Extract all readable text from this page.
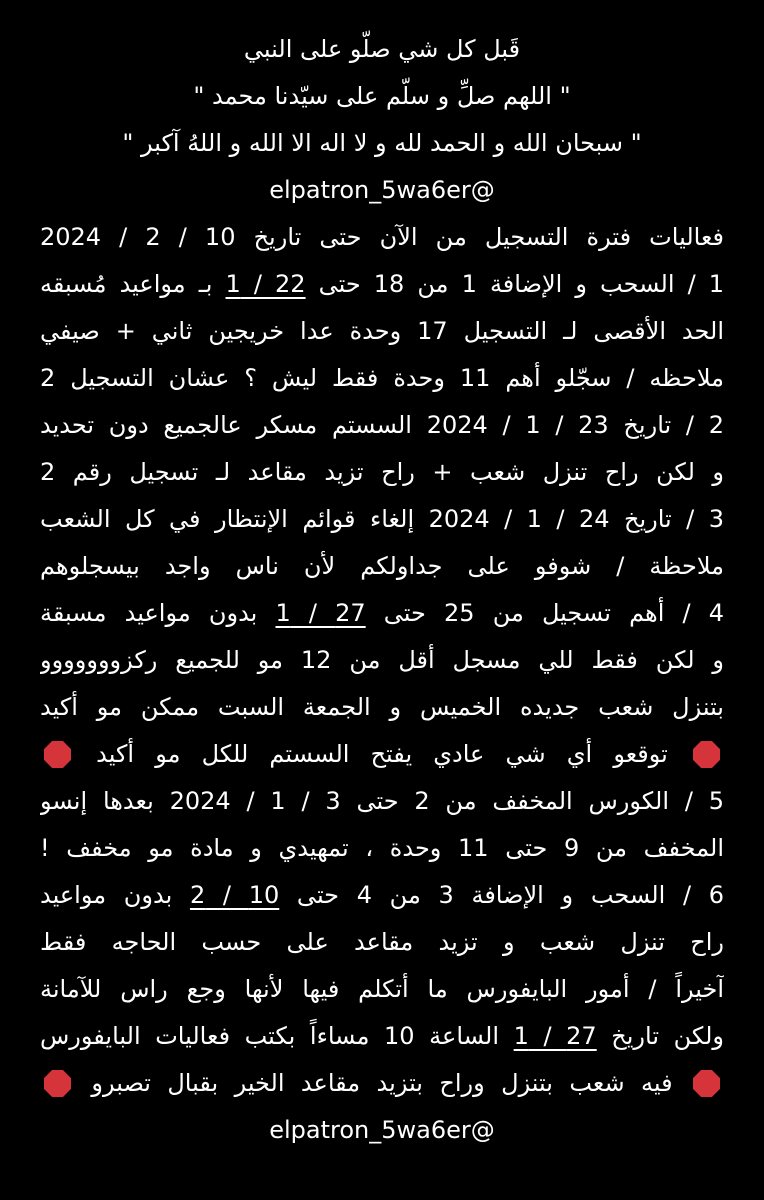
قَبل كل شي صلّو على النبي
" اللهم صلِّ و سلّم على سيّدنا محمد "
" سبحان الله و الحمد لله و لا اله الا الله و اللهُ آكبر "
@elpatron_5wa6er
فعاليات فترة التسجيل من الآن حتى تاريخ 10 / 2 / 2024
1 / السحب و الإضافة 1 من 18 حتى 22 / 1 بـ مواعيد مُسبقه
الحد الأقصى لـ التسجيل 17 وحدة عدا خريجين ثاني + صيفي
ملاحظه / سجّلو أهم 11 وحدة فقط ليش ؟ عشان التسجيل 2
2 / تاريخ 23 / 1 / 2024 السستم مسكر عالجميع دون تحديد
و لكن راح تنزل شعب + راح تزيد مقاعد لـ تسجيل رقم 2
3 / تاريخ 24 / 1 / 2024 إلغاء قوائم الإنتظار في كل الشعب
ملاحظة / شوفو على جداولكم لأن ناس واجد بيسجلوهم
4 / أهم تسجيل من 25 حتى 27 / 1 بدون مواعيد مسبقة
و لكن فقط للي مسجل أقل من 12 مو للجميع ركزووووووو
بتنزل شعب جديده الخميس و الجمعة السبت ممكن مو أكيد
توقعو أي شي عادي يفتح السستم للكل مو أكيد
5 / الكورس المخفف من 2 حتى 3 / 1 / 2024 بعدها إنسو
المخفف من 9 حتى 11 وحدة ، تمهيدي و مادة مو مخفف !
6 / السحب و الإضافة 3 من 4 حتى 10 / 2 بدون مواعيد
راح تنزل شعب و تزيد مقاعد على حسب الحاجه فقط
آخيراً / أمور البايفورس ما أتكلم فيها لأنها وجع راس للآمانة
ولكن تاريخ 27 / 1 الساعة 10 مساءاً بكتب فعاليات البايفورس
فيه شعب بتنزل وراح بتزيد مقاعد الخير بقبال تصبرو
@elpatron_5wa6er
